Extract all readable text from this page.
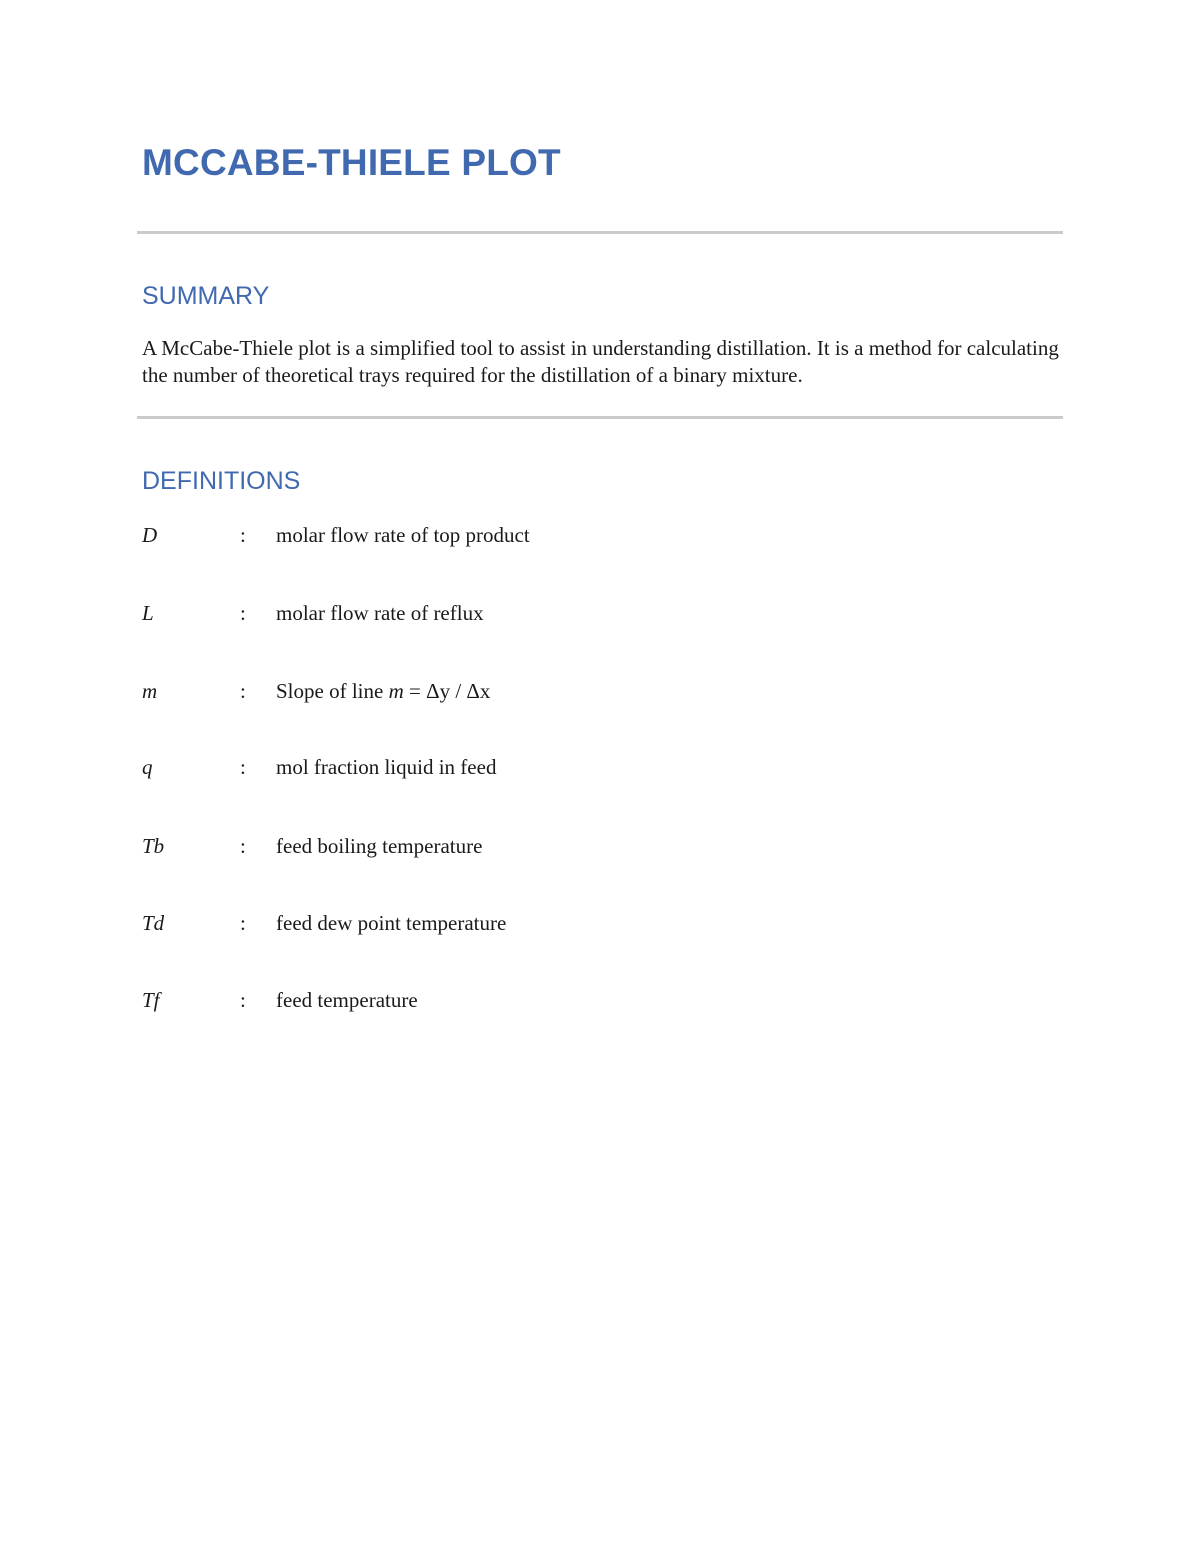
MCCABE-THIELE PLOT
SUMMARY

A McCabe-Thiele plot is a simplified tool to assist in understanding distillation. It is a method for calculating the number of theoretical trays required for the distillation of a binary mixture.

DEFINITIONS
D	: molar flow rate of top product
L	: molar flow rate of reflux
m	: Slope of line m = Δy / Δx
q	: mol fraction liquid in feed
Tb	: feed boiling temperature
Td	: feed dew point temperature
Tf	: feed temperature
